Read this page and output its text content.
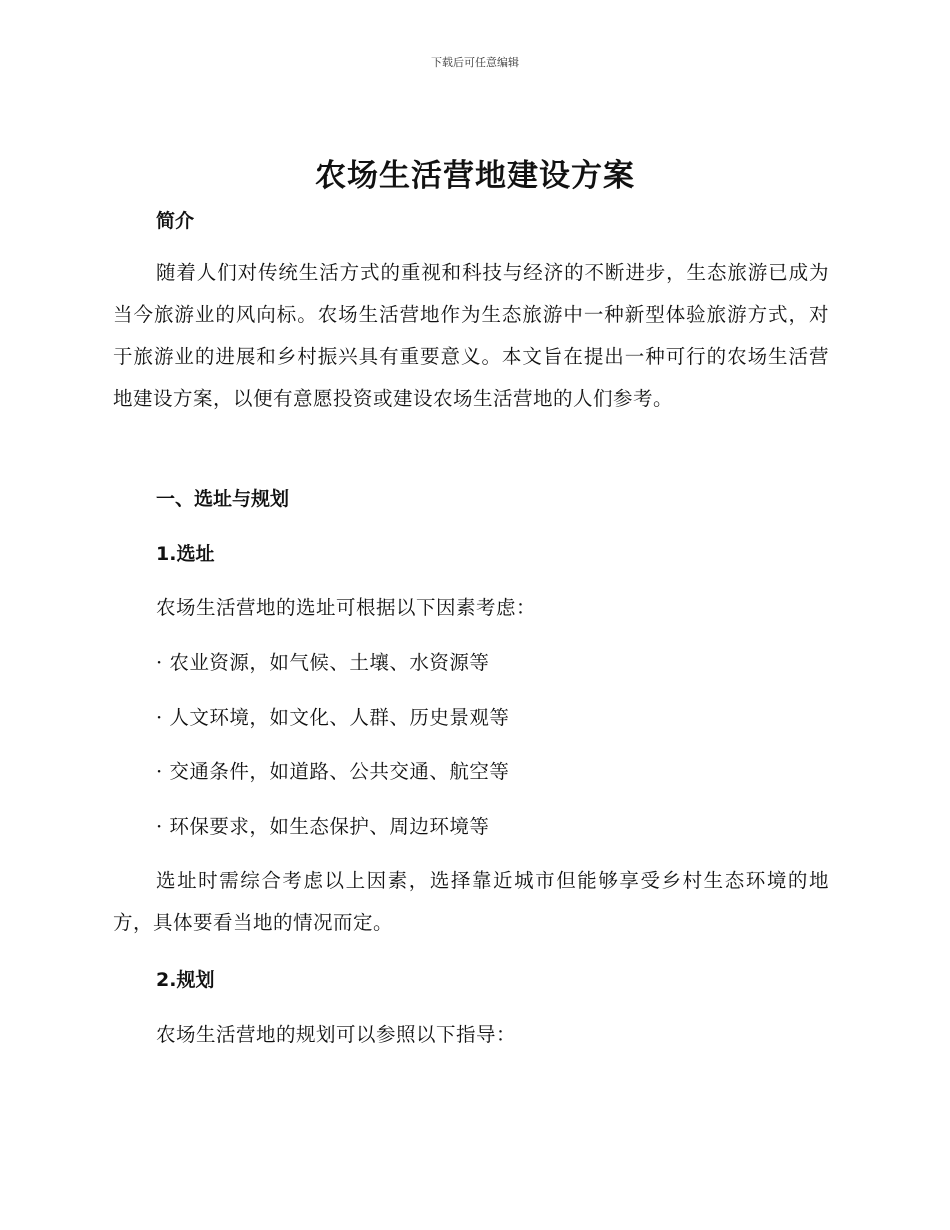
下载后可任意编辑
农场生活营地建设方案
简介

随着人们对传统生活方式的重视和科技与经济的不断进步，生态旅游已成为当今旅游业的风向标。农场生活营地作为生态旅游中一种新型体验旅游方式，对于旅游业的进展和乡村振兴具有重要意义。本文旨在提出一种可行的农场生活营地建设方案，以便有意愿投资或建设农场生活营地的人们参考。

一、选址与规划
1.选址

农场生活营地的选址可根据以下因素考虑：

· 农业资源，如气候、土壤、水资源等

· 人文环境，如文化、人群、历史景观等

· 交通条件，如道路、公共交通、航空等

· 环保要求，如生态保护、周边环境等

选址时需综合考虑以上因素，选择靠近城市但能够享受乡村生态环境的地方，具体要看当地的情况而定。

2.规划

农场生活营地的规划可以参照以下指导：
